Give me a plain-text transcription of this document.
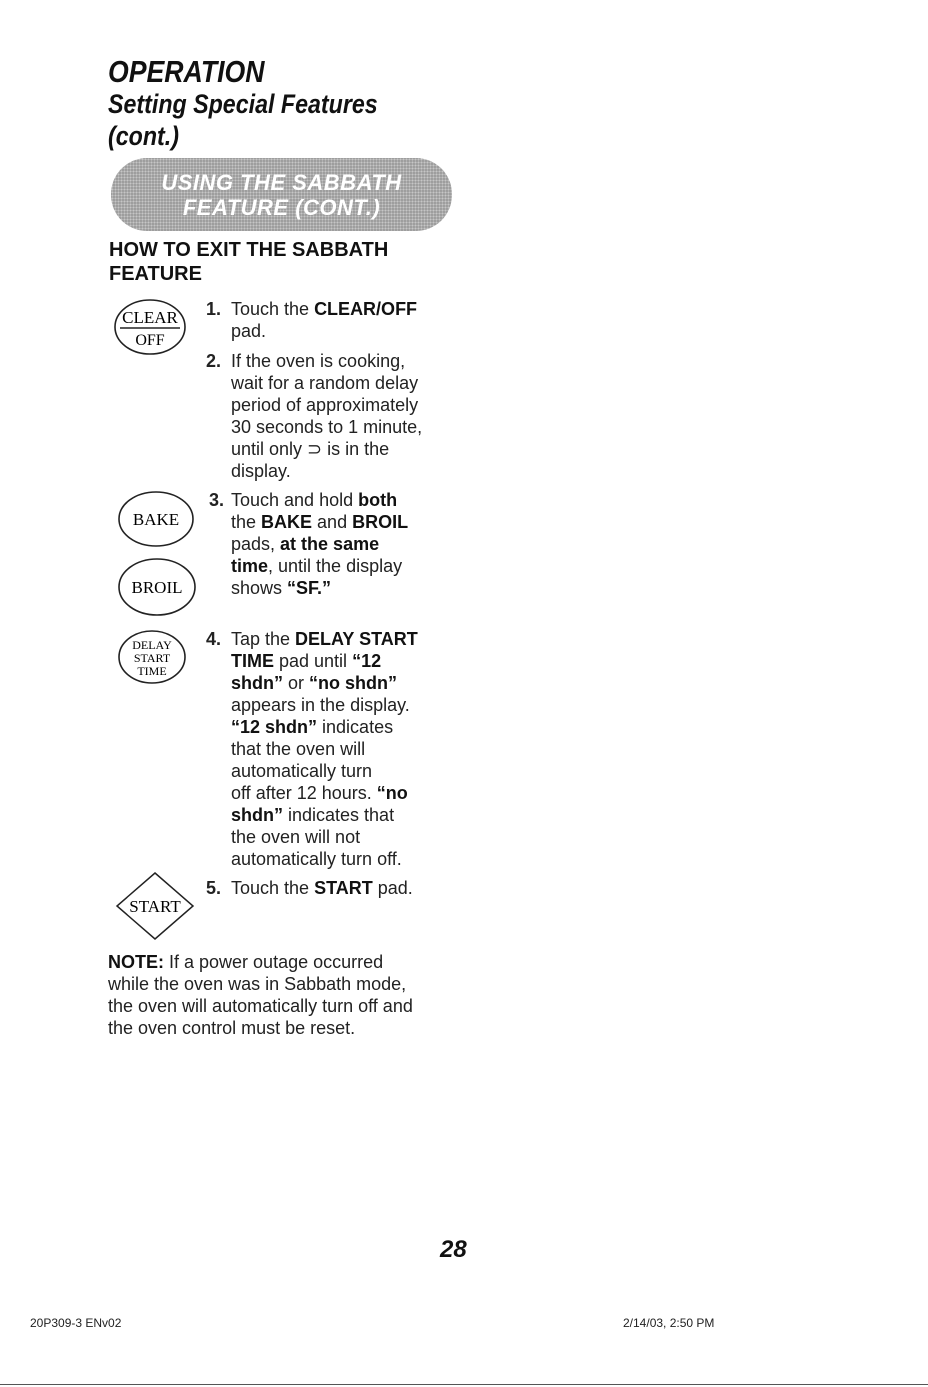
OPERATION
Setting Special Features
(cont.)
USING THE SABBATH
FEATURE (CONT.)
HOW TO EXIT THE SABBATH
FEATURE
CLEAR
OFF
BAKE
BROIL
DELAY
START
TIME
START
1. Touch the CLEAR/OFF
pad.
2. If the oven is cooking,
wait for a random delay
period of approximately
30 seconds to 1 minute,
until only ⊃ is in the
display.
3. Touch and hold both
the BAKE and BROIL
pads, at the same
time, until the display
shows “SF.”
4. Tap the DELAY START
TIME pad until “12
shdn” or “no shdn”
appears in the display.
“12 shdn” indicates
that the oven will
automatically turn
off after 12 hours. “no
shdn” indicates that
the oven will not
automatically turn off.
5. Touch the START pad.
NOTE: If a power outage occurred
while the oven was in Sabbath mode,
the oven will automatically turn off and
the oven control must be reset.
28
20P309-3 ENv02	2/14/03, 2:50 PM
